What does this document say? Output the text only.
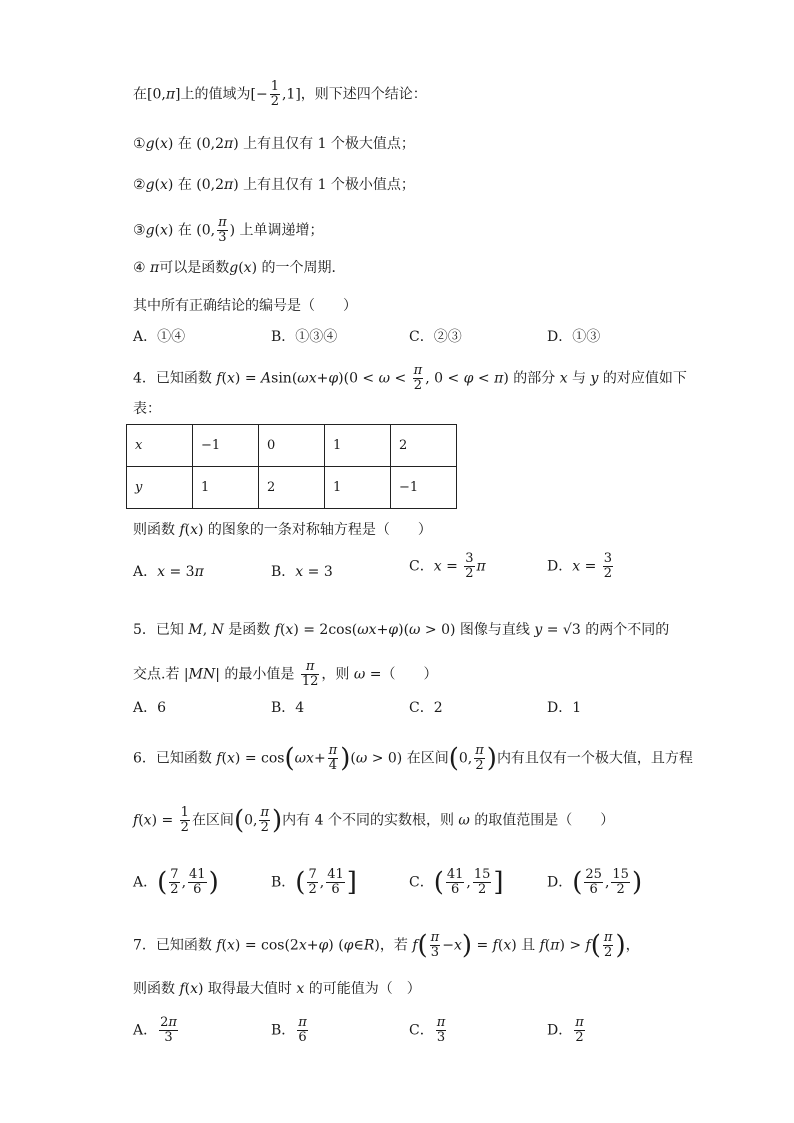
在[0,π]上的值域为[− $\frac{1}{2} ,1$]，则下述四个结论：
①g(x) 在 (0,2π) 上有且仅有 1 个极大值点；
②g(x) 在 (0,2π) 上有且仅有 1 个极小值点；
③g(x) 在 (0, $\frac{\pi}{3}$ ) 上单调递增；
④ π可以是函数g(x) 的一个周期．
其中所有正确结论的编号是（　　）
A．①④	B．①③④	C．②③	D．①③
4．已知函数 $f(x) = Asin(\omega x+\varphi)(0 < \omega < \frac{\pi}{2}$ , 0 < φ < π) 的部分 x 与 y 的对应值如下
表：
x	−1	0	1	2
y	1	2	1	−1
则函数 f(x) 的图象的一条对称轴方程是（　　）
A．x = 3π	B．x = 3	C．$x = \frac{3}{2}$ π	D．$x = \frac{3}{2}$
5．已知 M, N 是函数 f(x) = 2cos(ωx+φ)(ω > 0) 图像与直线 y = √3 的两个不同的
交点.若 |MN| 的最小值是 $\frac{\pi}{12}$ ，则 ω =（　　）
A．6	B．4	C．2	D．1
6．已知函数 $f(x) = \cos(\omega x+ \frac{\pi}{4} )(\omega > 0)$ 在区间(0, $\frac{\pi}{2}$ )内有且仅有一个极大值，且方程
$f(x) = \frac{1}{2}$ 在区间(0, $\frac{\pi}{2}$ )内有 4 个不同的实数根，则 ω 的取值范围是（　　）
A．( $\frac{7}{2}$ , $\frac{41}{6}$ )	B．( $\frac{7}{2}$ , $\frac{41}{6}$ ]	C．( $\frac{41}{6}$ , $\frac{15}{2}$ ]	D．( $\frac{25}{6}$ , $\frac{15}{2}$ )
7．已知函数 f(x) = cos(2x+φ) (φ∈R)，若 $f( \frac{\pi}{3} -x) = f(x)$ 且 $f(\pi) > f( \frac{\pi}{2}$ )，
则函数 f(x) 取得最大值时 x 的可能值为（　）
A． $\frac{2\pi}{3}$	B． $\frac{\pi}{6}$	C． $\frac{\pi}{3}$	D． $\frac{\pi}{2}$
